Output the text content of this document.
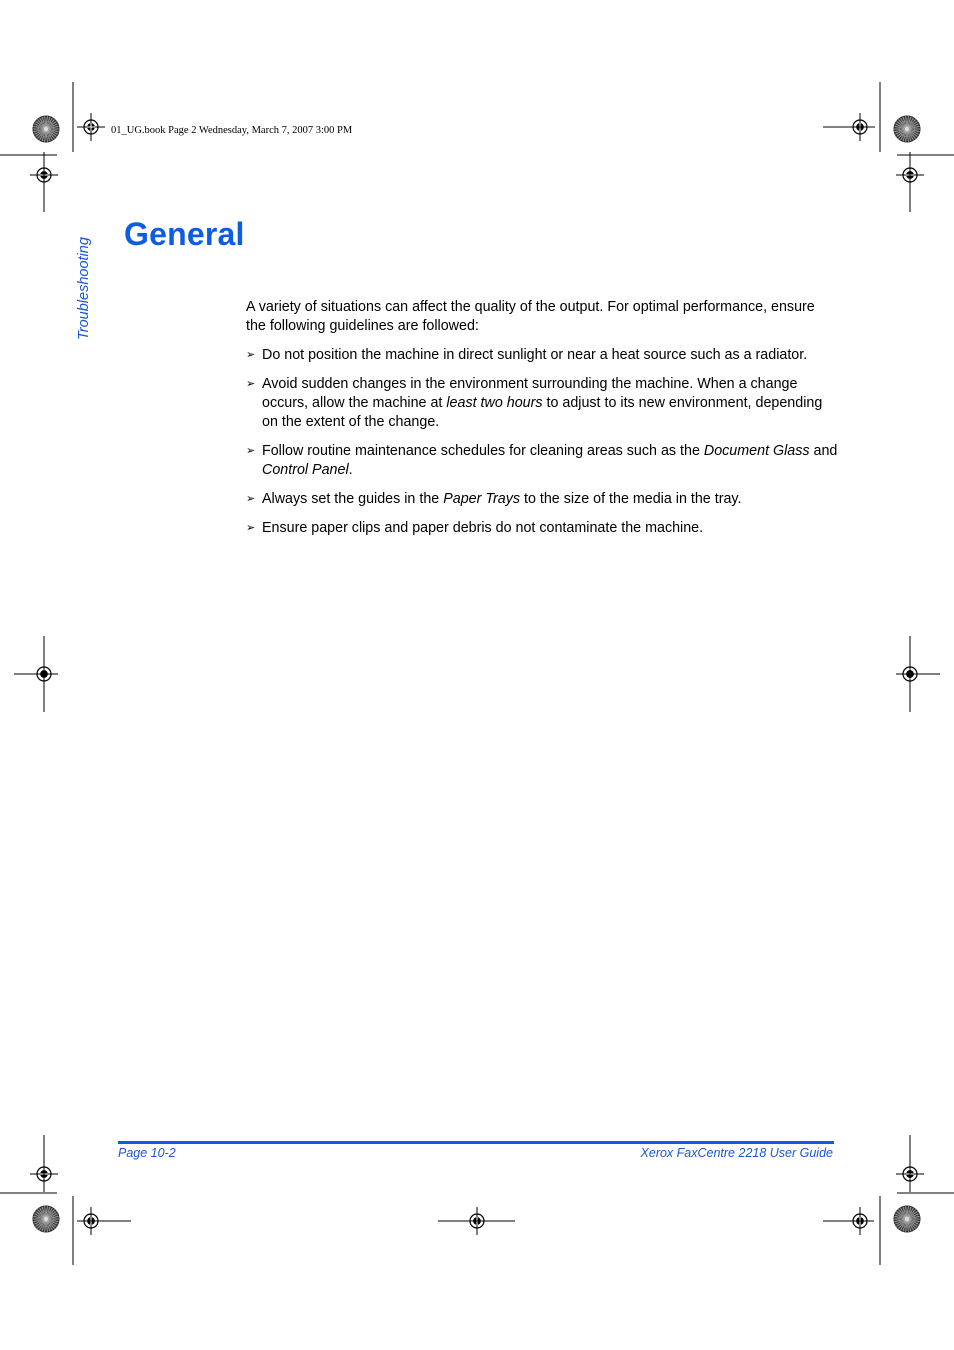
01_UG.book Page 2 Wednesday, March 7, 2007 3:00 PM
Troubleshooting
General

A variety of situations can affect the quality of the output. For optimal performance, ensure the following guidelines are followed:

➢ Do not position the machine in direct sunlight or near a heat source such as a radiator.
➢ Avoid sudden changes in the environment surrounding the machine. When a change occurs, allow the machine at least two hours to adjust to its new environment, depending on the extent of the change.
➢ Follow routine maintenance schedules for cleaning areas such as the Document Glass and Control Panel.
➢ Always set the guides in the Paper Trays to the size of the media in the tray.
➢ Ensure paper clips and paper debris do not contaminate the machine.
Page 10-2	Xerox FaxCentre 2218 User Guide
